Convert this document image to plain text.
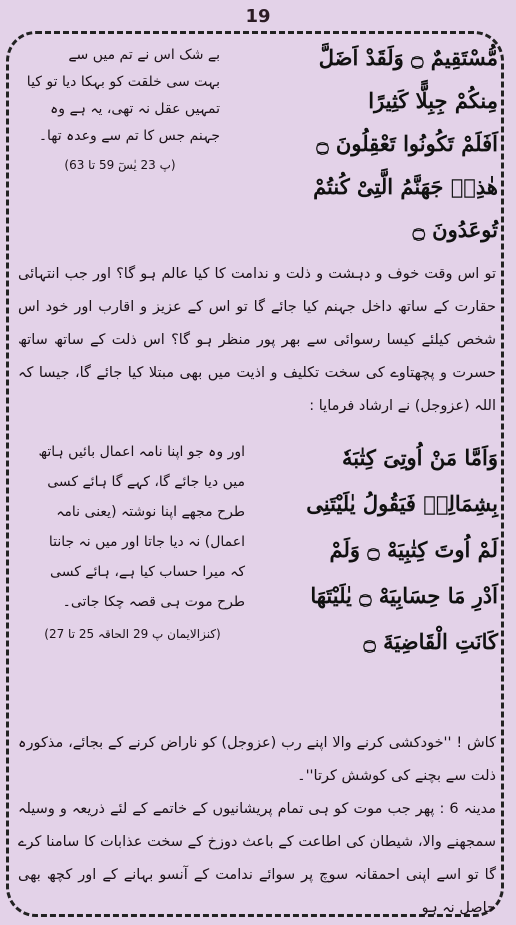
19
مُّسْتَقِيمٌ ۝ وَلَقَدْ اَضَلَّ
مِنكُمْ جِبِلًّا كَثِيرًا
اَفَلَمْ تَكُونُوا تَعْقِلُونَ ۝
هٰذِهٖ جَهَنَّمُ الَّتِىْ كُنتُمْ
تُوعَدُونَ ۝
بے شک اس نے تم میں سے
بہت سی خلقت کو بہکا دیا تو کیا
تمہیں عقل نہ تھی، یہ ہے وہ
جہنم جس کا تم سے وعدہ تھا۔
(پ 23 یٰسٓ 59 تا 63)
تو اس وقت خوف و دہشت و ذلت و ندامت کا کیا عالم ہو گا؟ اور جب انتہائی حقارت کے ساتھ داخل جہنم کیا جائے گا تو اس کے عزیز و اقارب اور خود اس شخص کیلئے کیسا رسوائی سے بھر پور منظر ہو گا؟ اس ذلت کے ساتھ ساتھ حسرت و پچھتاوے کی سخت تکلیف و اذیت میں بھی مبتلا کیا جائے گا، جیسا کہ اللہ (عزوجل) نے ارشاد فرمایا :
وَاَمَّا مَنْ اُوتِىَ كِتٰبَهٗ
بِشِمَالِهٖ فَيَقُولُ يٰلَيْتَنِى
لَمْ اُوتَ كِتٰبِيَهْ ۝ وَلَمْ
اَدْرِ مَا حِسَابِيَهْ ۝ يٰلَيْتَهَا
كَانَتِ الْقَاضِيَةَ ۝
اور وہ جو اپنا نامہ اعمال بائیں ہاتھ
میں دیا جائے گا، کہے گا ہائے کسی
طرح مجھے اپنا نوشتہ (یعنی نامہ
اعمال) نہ دیا جاتا اور میں نہ جانتا
کہ میرا حساب کیا ہے، ہائے کسی
طرح موت ہی قصہ چکا جاتی۔
(کنزالایمان پ 29 الحاقہ 25 تا 27)
کاش ! ''خودکشی کرنے والا اپنے رب (عزوجل) کو ناراض کرنے کے بجائے، مذکورہ ذلت سے بچنے کی کوشش کرتا''۔
مدینہ 6 : پھر جب موت کو ہی تمام پریشانیوں کے خاتمے کے لئے ذریعہ و وسیلہ سمجھنے والا، شیطان کی اطاعت کے باعث دوزخ کے سخت عذابات کا سامنا کرے گا تو اسے اپنی احمقانہ سوچ پر سوائے ندامت کے آنسو بہانے کے اور کچھ بھی حاصل نہ ہو
